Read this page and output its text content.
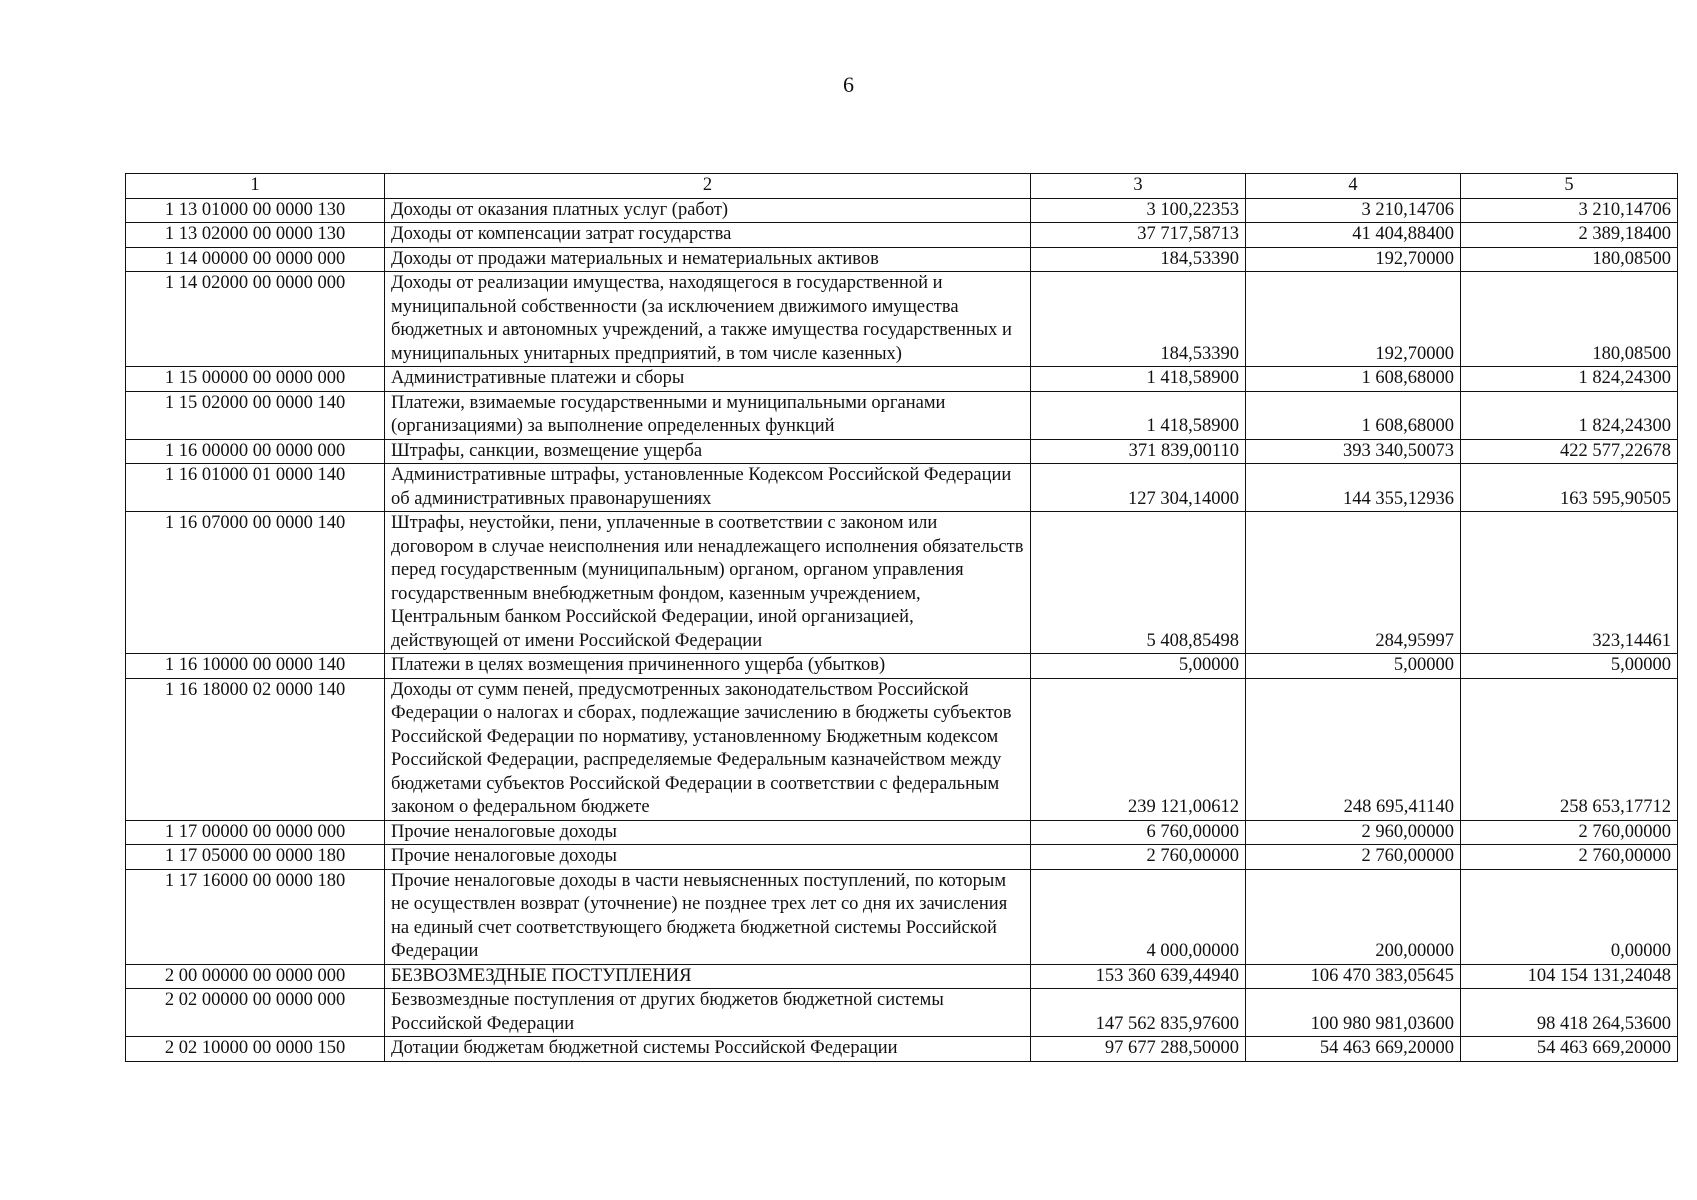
6
1	2	3	4	5
1 13 01000 00 0000 130	Доходы от оказания платных услуг (работ)	3 100,22353	3 210,14706	3 210,14706
1 13 02000 00 0000 130	Доходы от компенсации затрат государства	37 717,58713	41 404,88400	2 389,18400
1 14 00000 00 0000 000	Доходы от продажи материальных и нематериальных активов	184,53390	192,70000	180,08500
1 14 02000 00 0000 000	Доходы от реализации имущества, находящегося в государственной и муниципальной собственности (за исключением движимого имущества бюджетных и автономных учреждений, а также имущества государственных и муниципальных унитарных предприятий, в том числе казенных)	184,53390	192,70000	180,08500
1 15 00000 00 0000 000	Административные платежи и сборы	1 418,58900	1 608,68000	1 824,24300
1 15 02000 00 0000 140	Платежи, взимаемые государственными и муниципальными органами (организациями) за выполнение определенных функций	1 418,58900	1 608,68000	1 824,24300
1 16 00000 00 0000 000	Штрафы, санкции, возмещение ущерба	371 839,00110	393 340,50073	422 577,22678
1 16 01000 01 0000 140	Административные штрафы, установленные Кодексом Российской Федерации об административных правонарушениях	127 304,14000	144 355,12936	163 595,90505
1 16 07000 00 0000 140	Штрафы, неустойки, пени, уплаченные в соответствии с законом или договором в случае неисполнения или ненадлежащего исполнения обязательств перед государственным (муниципальным) органом, органом управления государственным внебюджетным фондом, казенным учреждением, Центральным банком Российской Федерации, иной организацией, действующей от имени Российской Федерации	5 408,85498	284,95997	323,14461
1 16 10000 00 0000 140	Платежи в целях возмещения причиненного ущерба (убытков)	5,00000	5,00000	5,00000
1 16 18000 02 0000 140	Доходы от сумм пеней, предусмотренных законодательством Российской Федерации о налогах и сборах, подлежащие зачислению в бюджеты субъектов Российской Федерации по нормативу, установленному Бюджетным кодексом Российской Федерации, распределяемые Федеральным казначейством между бюджетами субъектов Российской Федерации в соответствии с федеральным законом о федеральном бюджете	239 121,00612	248 695,41140	258 653,17712
1 17 00000 00 0000 000	Прочие неналоговые доходы	6 760,00000	2 960,00000	2 760,00000
1 17 05000 00 0000 180	Прочие неналоговые доходы	2 760,00000	2 760,00000	2 760,00000
1 17 16000 00 0000 180	Прочие неналоговые доходы в части невыясненных поступлений, по которым не осуществлен возврат (уточнение) не позднее трех лет со дня их зачисления на единый счет соответствующего бюджета бюджетной системы Российской Федерации	4 000,00000	200,00000	0,00000
2 00 00000 00 0000 000	БЕЗВОЗМЕЗДНЫЕ ПОСТУПЛЕНИЯ	153 360 639,44940	106 470 383,05645	104 154 131,24048
2 02 00000 00 0000 000	Безвозмездные поступления от других бюджетов бюджетной системы Российской Федерации	147 562 835,97600	100 980 981,03600	98 418 264,53600
2 02 10000 00 0000 150	Дотации бюджетам бюджетной системы Российской Федерации	97 677 288,50000	54 463 669,20000	54 463 669,20000
